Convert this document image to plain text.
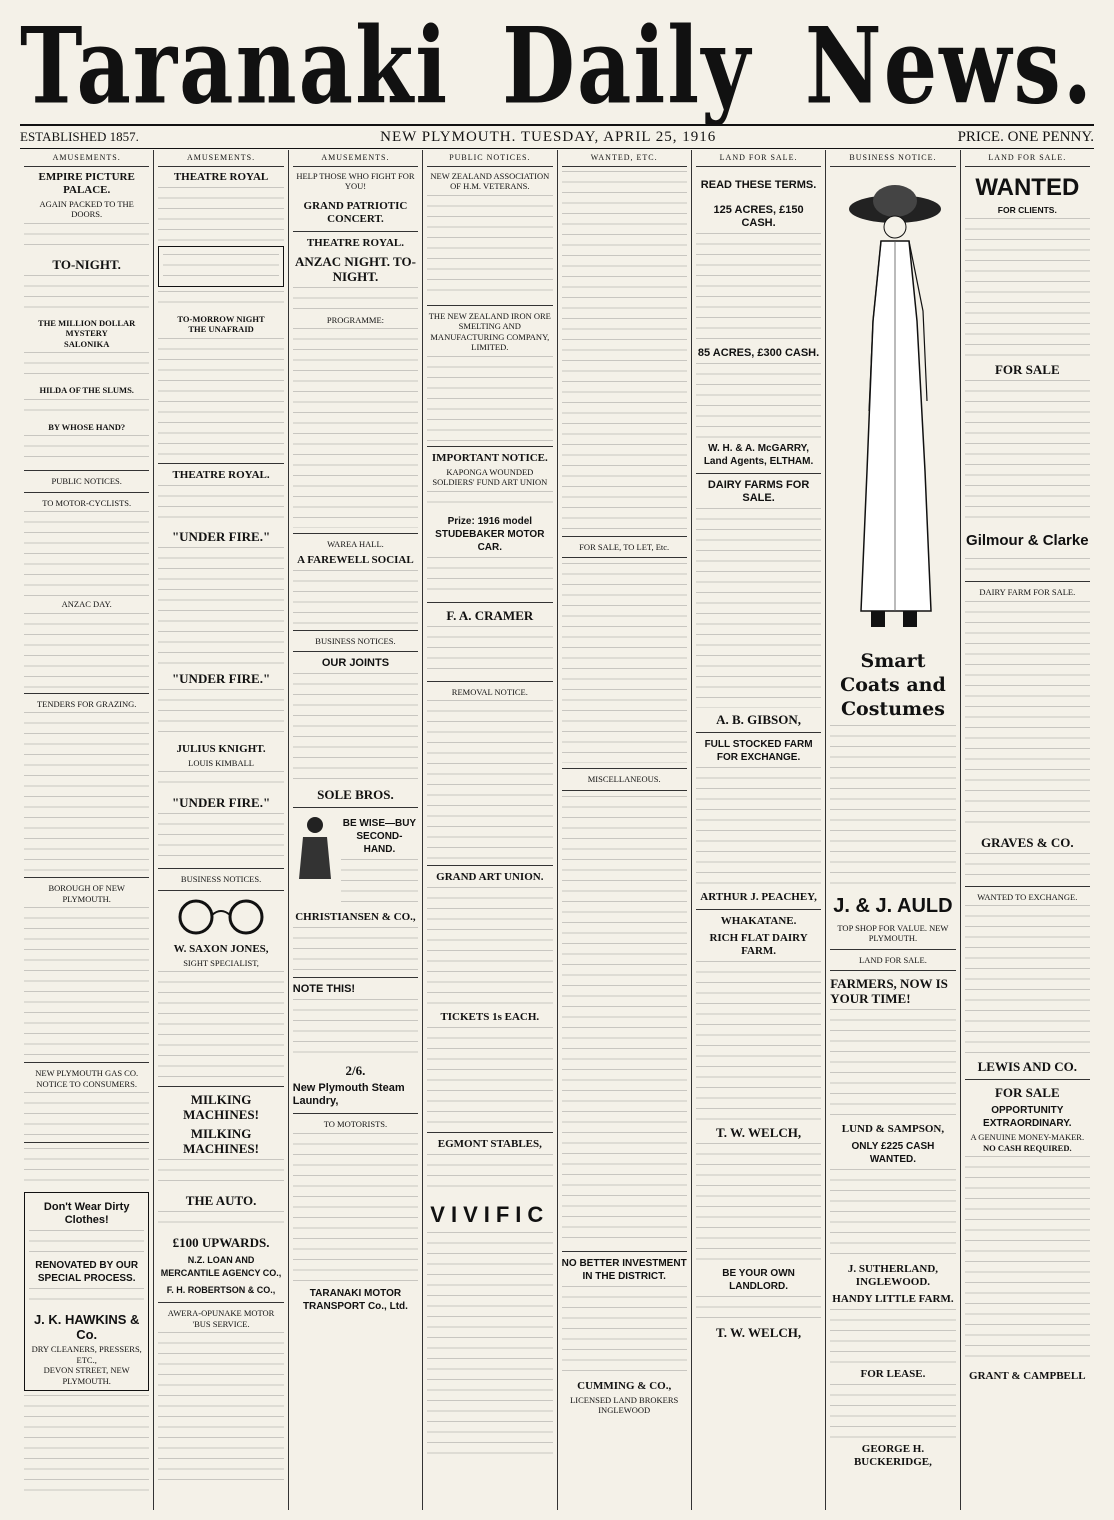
Taranaki Daily News.
ESTABLISHED 1857.	NEW PLYMOUTH. TUESDAY, APRIL 25, 1916	PRICE. ONE PENNY.
AMUSEMENTS.
EMPIRE PICTURE PALACE.
AGAIN PACKED TO THE DOORS.
TO-NIGHT.
THE MILLION DOLLAR MYSTERY
SALONIKA
HILDA OF THE SLUMS.
BY WHOSE HAND?
PUBLIC NOTICES.
TO MOTOR-CYCLISTS.
ANZAC DAY.
TENDERS FOR GRAZING.
BOROUGH OF NEW PLYMOUTH.
NEW PLYMOUTH GAS CO.
NOTICE TO CONSUMERS.
Don't Wear Dirty Clothes!
RENOVATED BY OUR SPECIAL PROCESS.
J. K. HAWKINS & Co.
DRY CLEANERS, PRESSERS, ETC.,
DEVON STREET, NEW PLYMOUTH.
AMUSEMENTS.
THEATRE ROYAL
TO-MORROW NIGHT
THE UNAFRAID
THEATRE ROYAL.
"UNDER FIRE."
"UNDER FIRE."
JULIUS KNIGHT.
LOUIS KIMBALL
"UNDER FIRE."
BUSINESS NOTICES.
W. SAXON JONES,
SIGHT SPECIALIST,
MILKING MACHINES!
MILKING MACHINES!
THE AUTO.
£100 UPWARDS.
N.Z. LOAN AND MERCANTILE AGENCY CO.,
F. H. ROBERTSON & CO.,
AWERA-OPUNAKE MOTOR 'BUS SERVICE.
AMUSEMENTS.
HELP THOSE WHO FIGHT FOR YOU!
GRAND PATRIOTIC CONCERT.
THEATRE ROYAL.
ANZAC NIGHT. TO-NIGHT.
PROGRAMME:
WAREA HALL.
A FAREWELL SOCIAL
BUSINESS NOTICES.
OUR JOINTS
SOLE BROS.
BE WISE—BUY SECOND-HAND.
CHRISTIANSEN & CO.,
NOTE THIS!
2/6.
New Plymouth Steam Laundry,
TO MOTORISTS.
TARANAKI MOTOR TRANSPORT Co., Ltd.
PUBLIC NOTICES.
NEW ZEALAND ASSOCIATION OF H.M. VETERANS.
THE NEW ZEALAND IRON ORE SMELTING AND MANUFACTURING COMPANY, LIMITED.
IMPORTANT NOTICE.
KAPONGA WOUNDED SOLDIERS' FUND ART UNION
Prize: 1916 model STUDEBAKER MOTOR CAR.
F. A. CRAMER
REMOVAL NOTICE.
GRAND ART UNION.
TICKETS 1s EACH.
EGMONT STABLES,
VIVIFIC
WANTED, ETC.
FOR SALE, TO LET, Etc.
MISCELLANEOUS.
NO BETTER INVESTMENT IN THE DISTRICT.
CUMMING & CO.,
LICENSED LAND BROKERS INGLEWOOD
LAND FOR SALE.
READ THESE TERMS.
125 ACRES, £150 CASH.
85 ACRES, £300 CASH.
W. H. & A. McGARRY, Land Agents, ELTHAM.
DAIRY FARMS FOR SALE.
A. B. GIBSON,
FULL STOCKED FARM FOR EXCHANGE.
ARTHUR J. PEACHEY,
WHAKATANE.
RICH FLAT DAIRY FARM.
T. W. WELCH,
BE YOUR OWN LANDLORD.
T. W. WELCH,
BUSINESS NOTICE.
Smart Coats and Costumes
J. & J. AULD
TOP SHOP FOR VALUE. NEW PLYMOUTH.
LAND FOR SALE.
FARMERS, NOW IS YOUR TIME!
LUND & SAMPSON,
ONLY £225 CASH WANTED.
J. SUTHERLAND, INGLEWOOD.
HANDY LITTLE FARM.
FOR LEASE.
GEORGE H. BUCKERIDGE,
LAND FOR SALE.
WANTED
FOR CLIENTS.
FOR SALE
Gilmour & Clarke
DAIRY FARM FOR SALE.
GRAVES & CO.
WANTED TO EXCHANGE.
LEWIS AND CO.
FOR SALE
OPPORTUNITY EXTRAORDINARY.
A GENUINE MONEY-MAKER.
NO CASH REQUIRED.
GRANT & CAMPBELL
